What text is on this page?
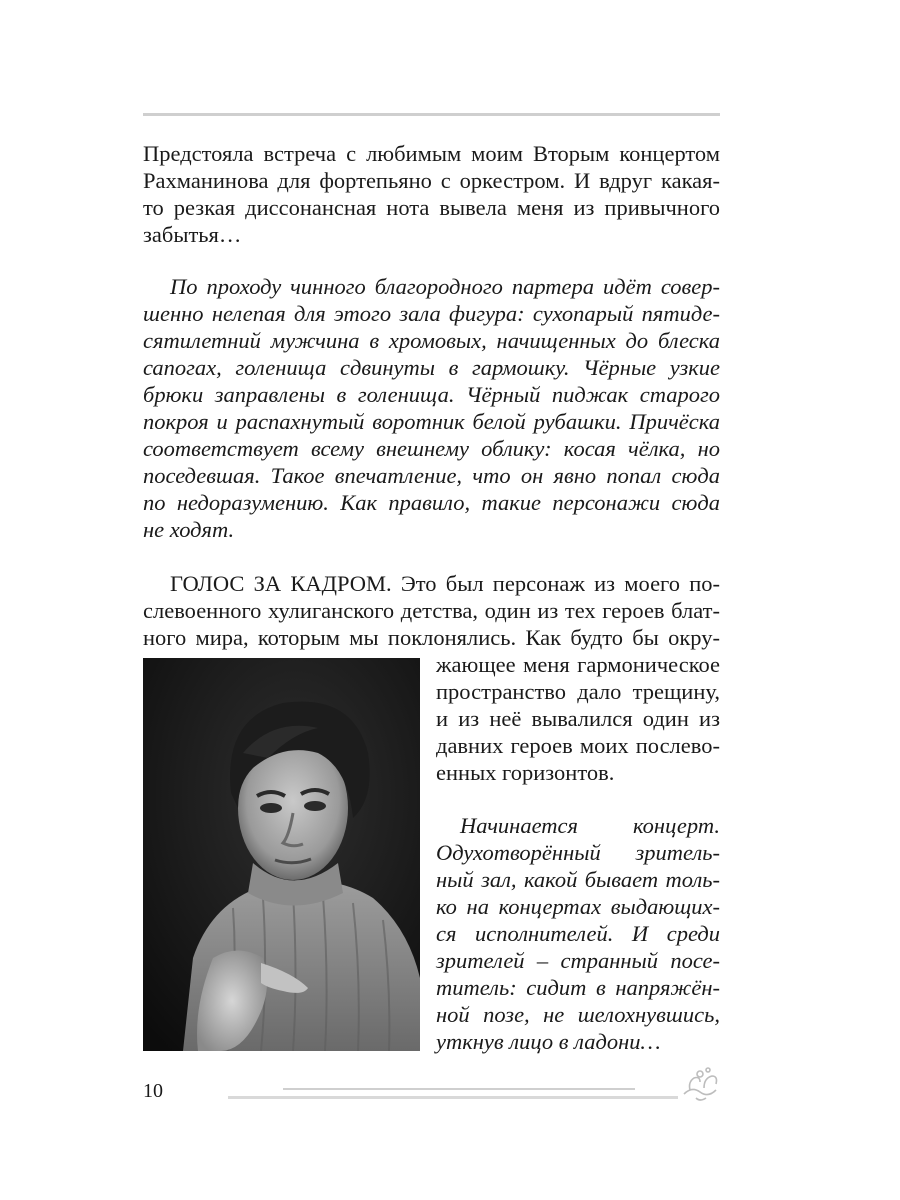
Предстояла встреча с любимым моим Вторым концертом
Рахманинова для фортепьяно с оркестром. И вдруг какая-
то резкая диссонансная нота вывела меня из привычного
забытья…
По проходу чинного благородного партера идёт совер-
шенно нелепая для этого зала фигура: сухопарый пятиде-
сятилетний мужчина в хромовых, начищенных до блеска
сапогах, голенища сдвинуты в гармошку. Чёрные узкие
брюки заправлены в голенища. Чёрный пиджак старого
покроя и распахнутый воротник белой рубашки. Причёска
соответствует всему внешнему облику: косая чёлка, но
поседевшая. Такое впечатление, что он явно попал сюда
по недоразумению. Как правило, такие персонажи сюда
не ходят.
ГОЛОС ЗА КАДРОМ. Это был персонаж из моего по-
слевоенного хулиганского детства, один из тех героев блат-
ного мира, которым мы поклонялись. Как будто бы окру-
жающее меня гармоническое
пространство дало трещину,
и из неё вывалился один из
давних героев моих послево-
енных горизонтов.
Начинается концерт.
Одухотворённый зритель-
ный зал, какой бывает толь-
ко на концертах выдающих-
ся исполнителей. И среди
зрителей – странный посе-
титель: сидит в напряжён-
ной позе, не шелохнувшись,
уткнув лицо в ладони…
10
